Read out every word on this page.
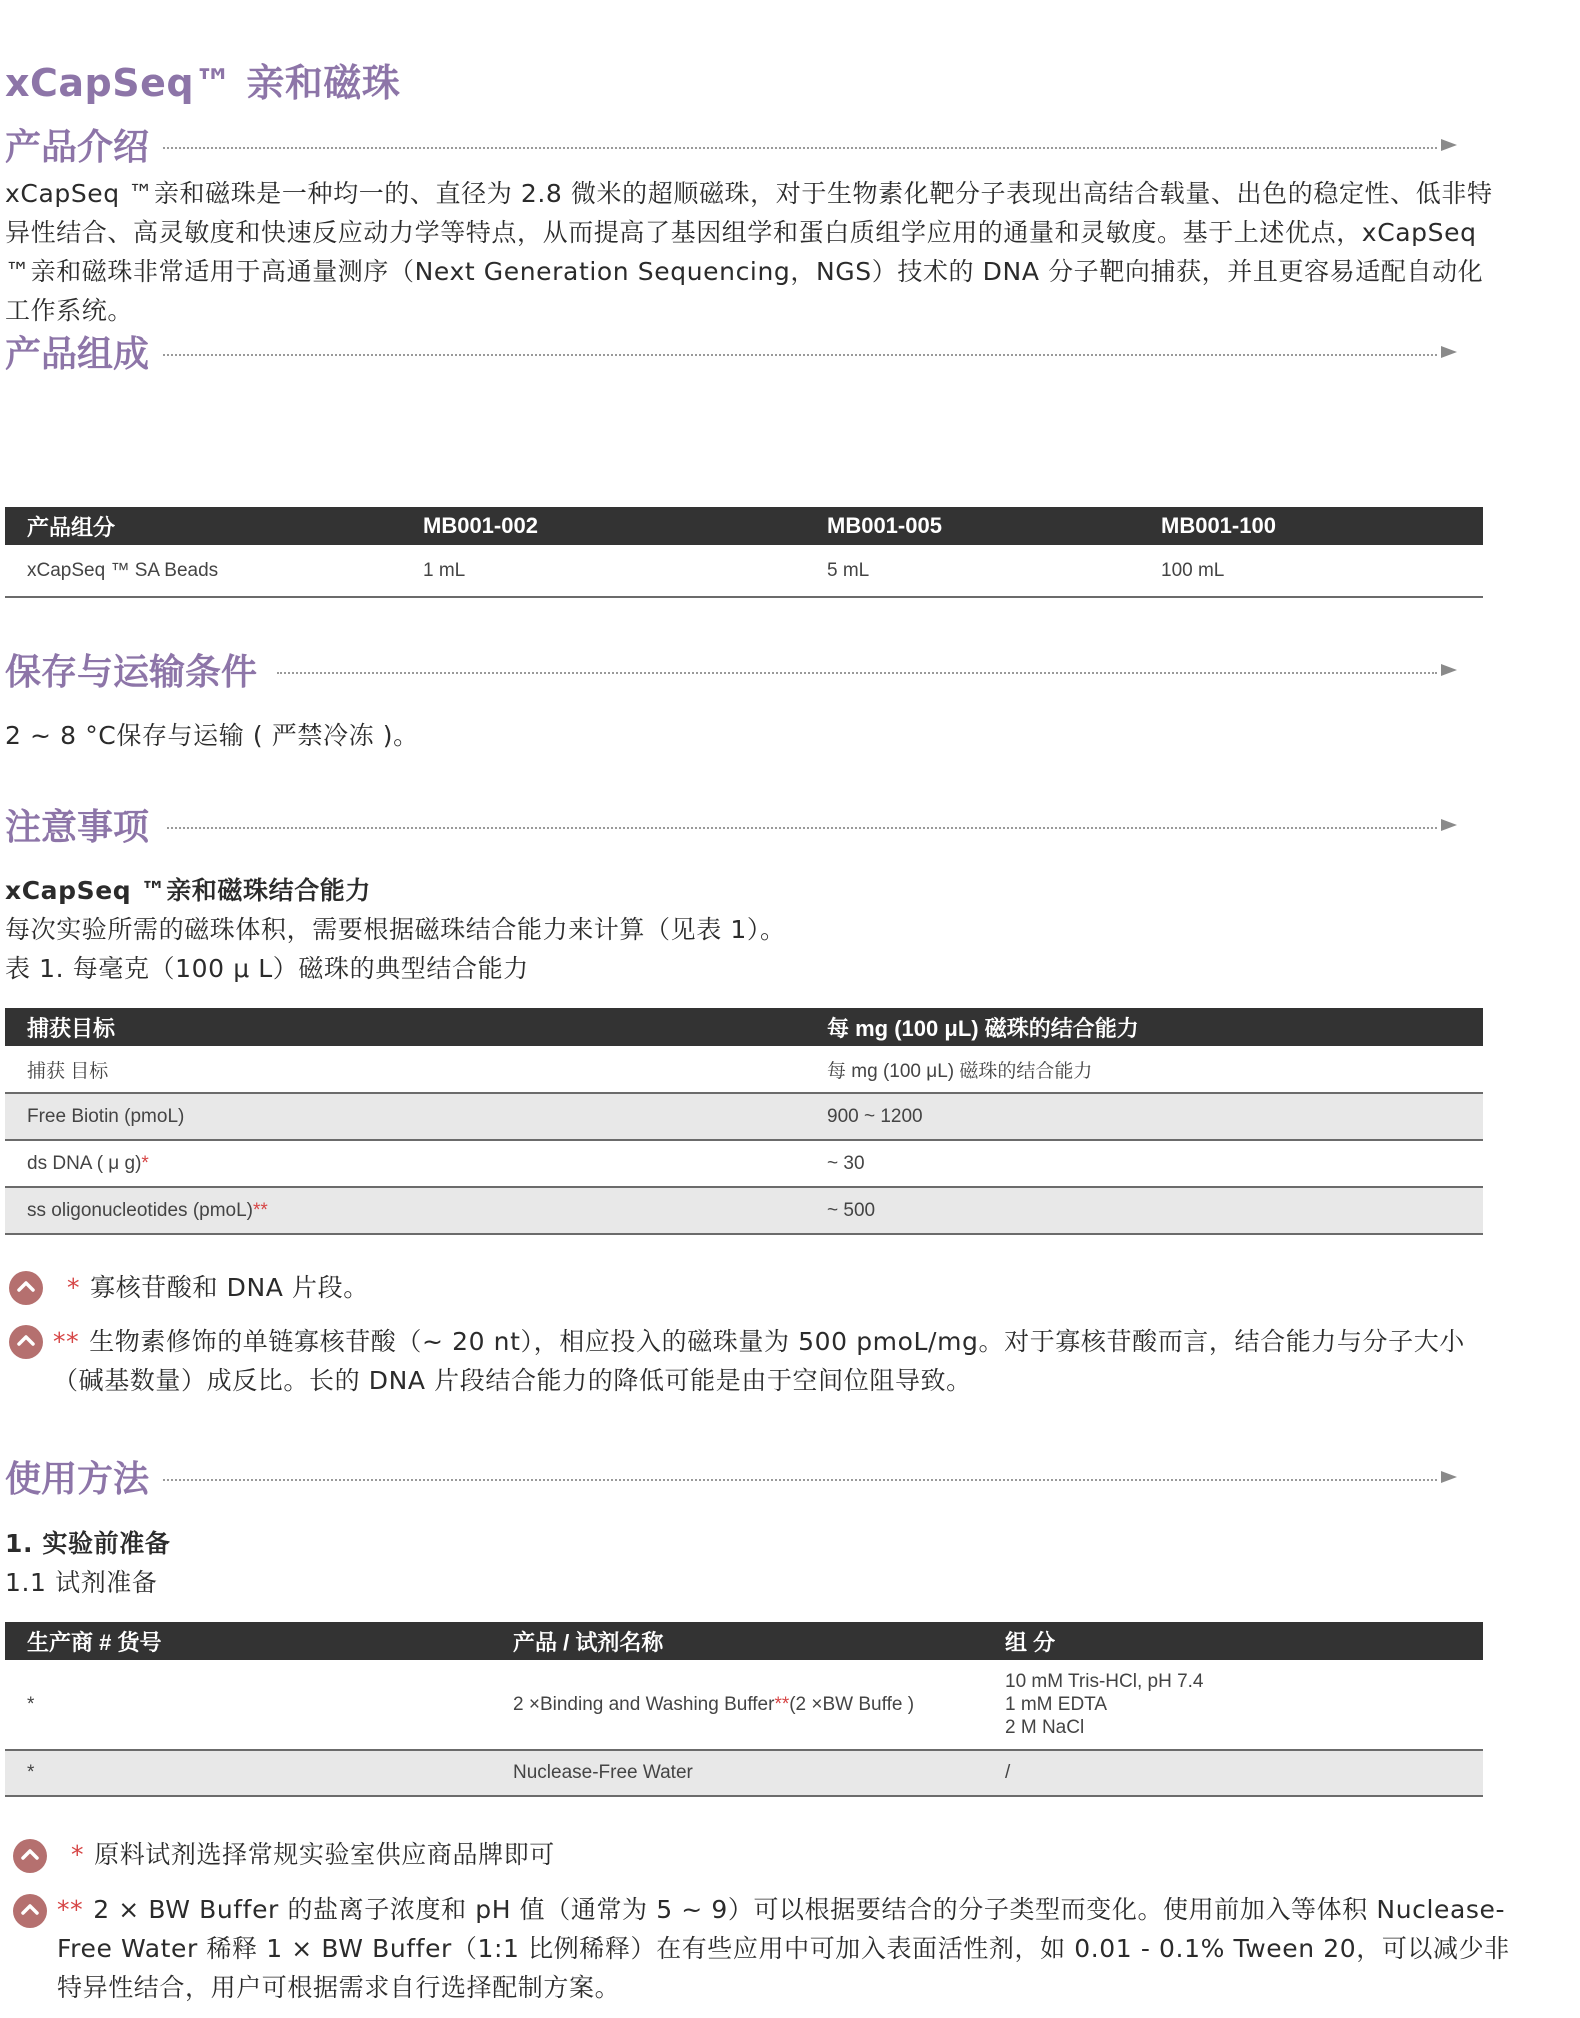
xCapSeq™ 亲和磁珠
产品介绍
xCapSeq ™亲和磁珠是一种均一的、直径为 2.8 微米的超顺磁珠，对于生物素化靶分子表现出高结合载量、出色的稳定性、低非特异性结合、高灵敏度和快速反应动力学等特点，从而提高了基因组学和蛋白质组学应用的通量和灵敏度。基于上述优点，xCapSeq ™亲和磁珠非常适用于高通量测序（Next Generation Sequencing，NGS）技术的 DNA 分子靶向捕获，并且更容易适配自动化工作系统。
产品组成
产品组分	MB001-002	MB001-005	MB001-100
xCapSeq ™ SA Beads	1 mL	5 mL	100 mL
保存与运输条件
2 ~ 8 °C保存与运输 ( 严禁冷冻 )。
注意事项
xCapSeq ™亲和磁珠结合能力
每次实验所需的磁珠体积，需要根据磁珠结合能力来计算（见表 1）。
表 1. 每毫克（100 μ L）磁珠的典型结合能力
捕获目标	每 mg (100 μL) 磁珠的结合能力
捕获 目标	每 mg (100 μL) 磁珠的结合能力
Free Biotin (pmoL)	900 ~ 1200
ds DNA ( μ g)*	~ 30
ss oligonucleotides (pmoL)**	~ 500
* 寡核苷酸和 DNA 片段。
** 生物素修饰的单链寡核苷酸（~ 20 nt），相应投入的磁珠量为 500 pmoL/mg。对于寡核苷酸而言，结合能力与分子大小（碱基数量）成反比。长的 DNA 片段结合能力的降低可能是由于空间位阻导致。
使用方法
1. 实验前准备
1.1 试剂准备
生产商 # 货号	产品 / 试剂名称	组 分
*	2 ×Binding and Washing Buffer**(2 ×BW Buffe )	10 mM Tris-HCl, pH 7.4
1 mM EDTA
2 M NaCl

*	Nuclease-Free Water	/
* 原料试剂选择常规实验室供应商品牌即可
** 2 × BW Buffer 的盐离子浓度和 pH 值（通常为 5 ~ 9）可以根据要结合的分子类型而变化。使用前加入等体积 Nuclease-Free Water 稀释 1 × BW Buffer（1:1 比例稀释）在有些应用中可加入表面活性剂，如 0.01 - 0.1% Tween 20，可以减少非特异性结合，用户可根据需求自行选择配制方案。
